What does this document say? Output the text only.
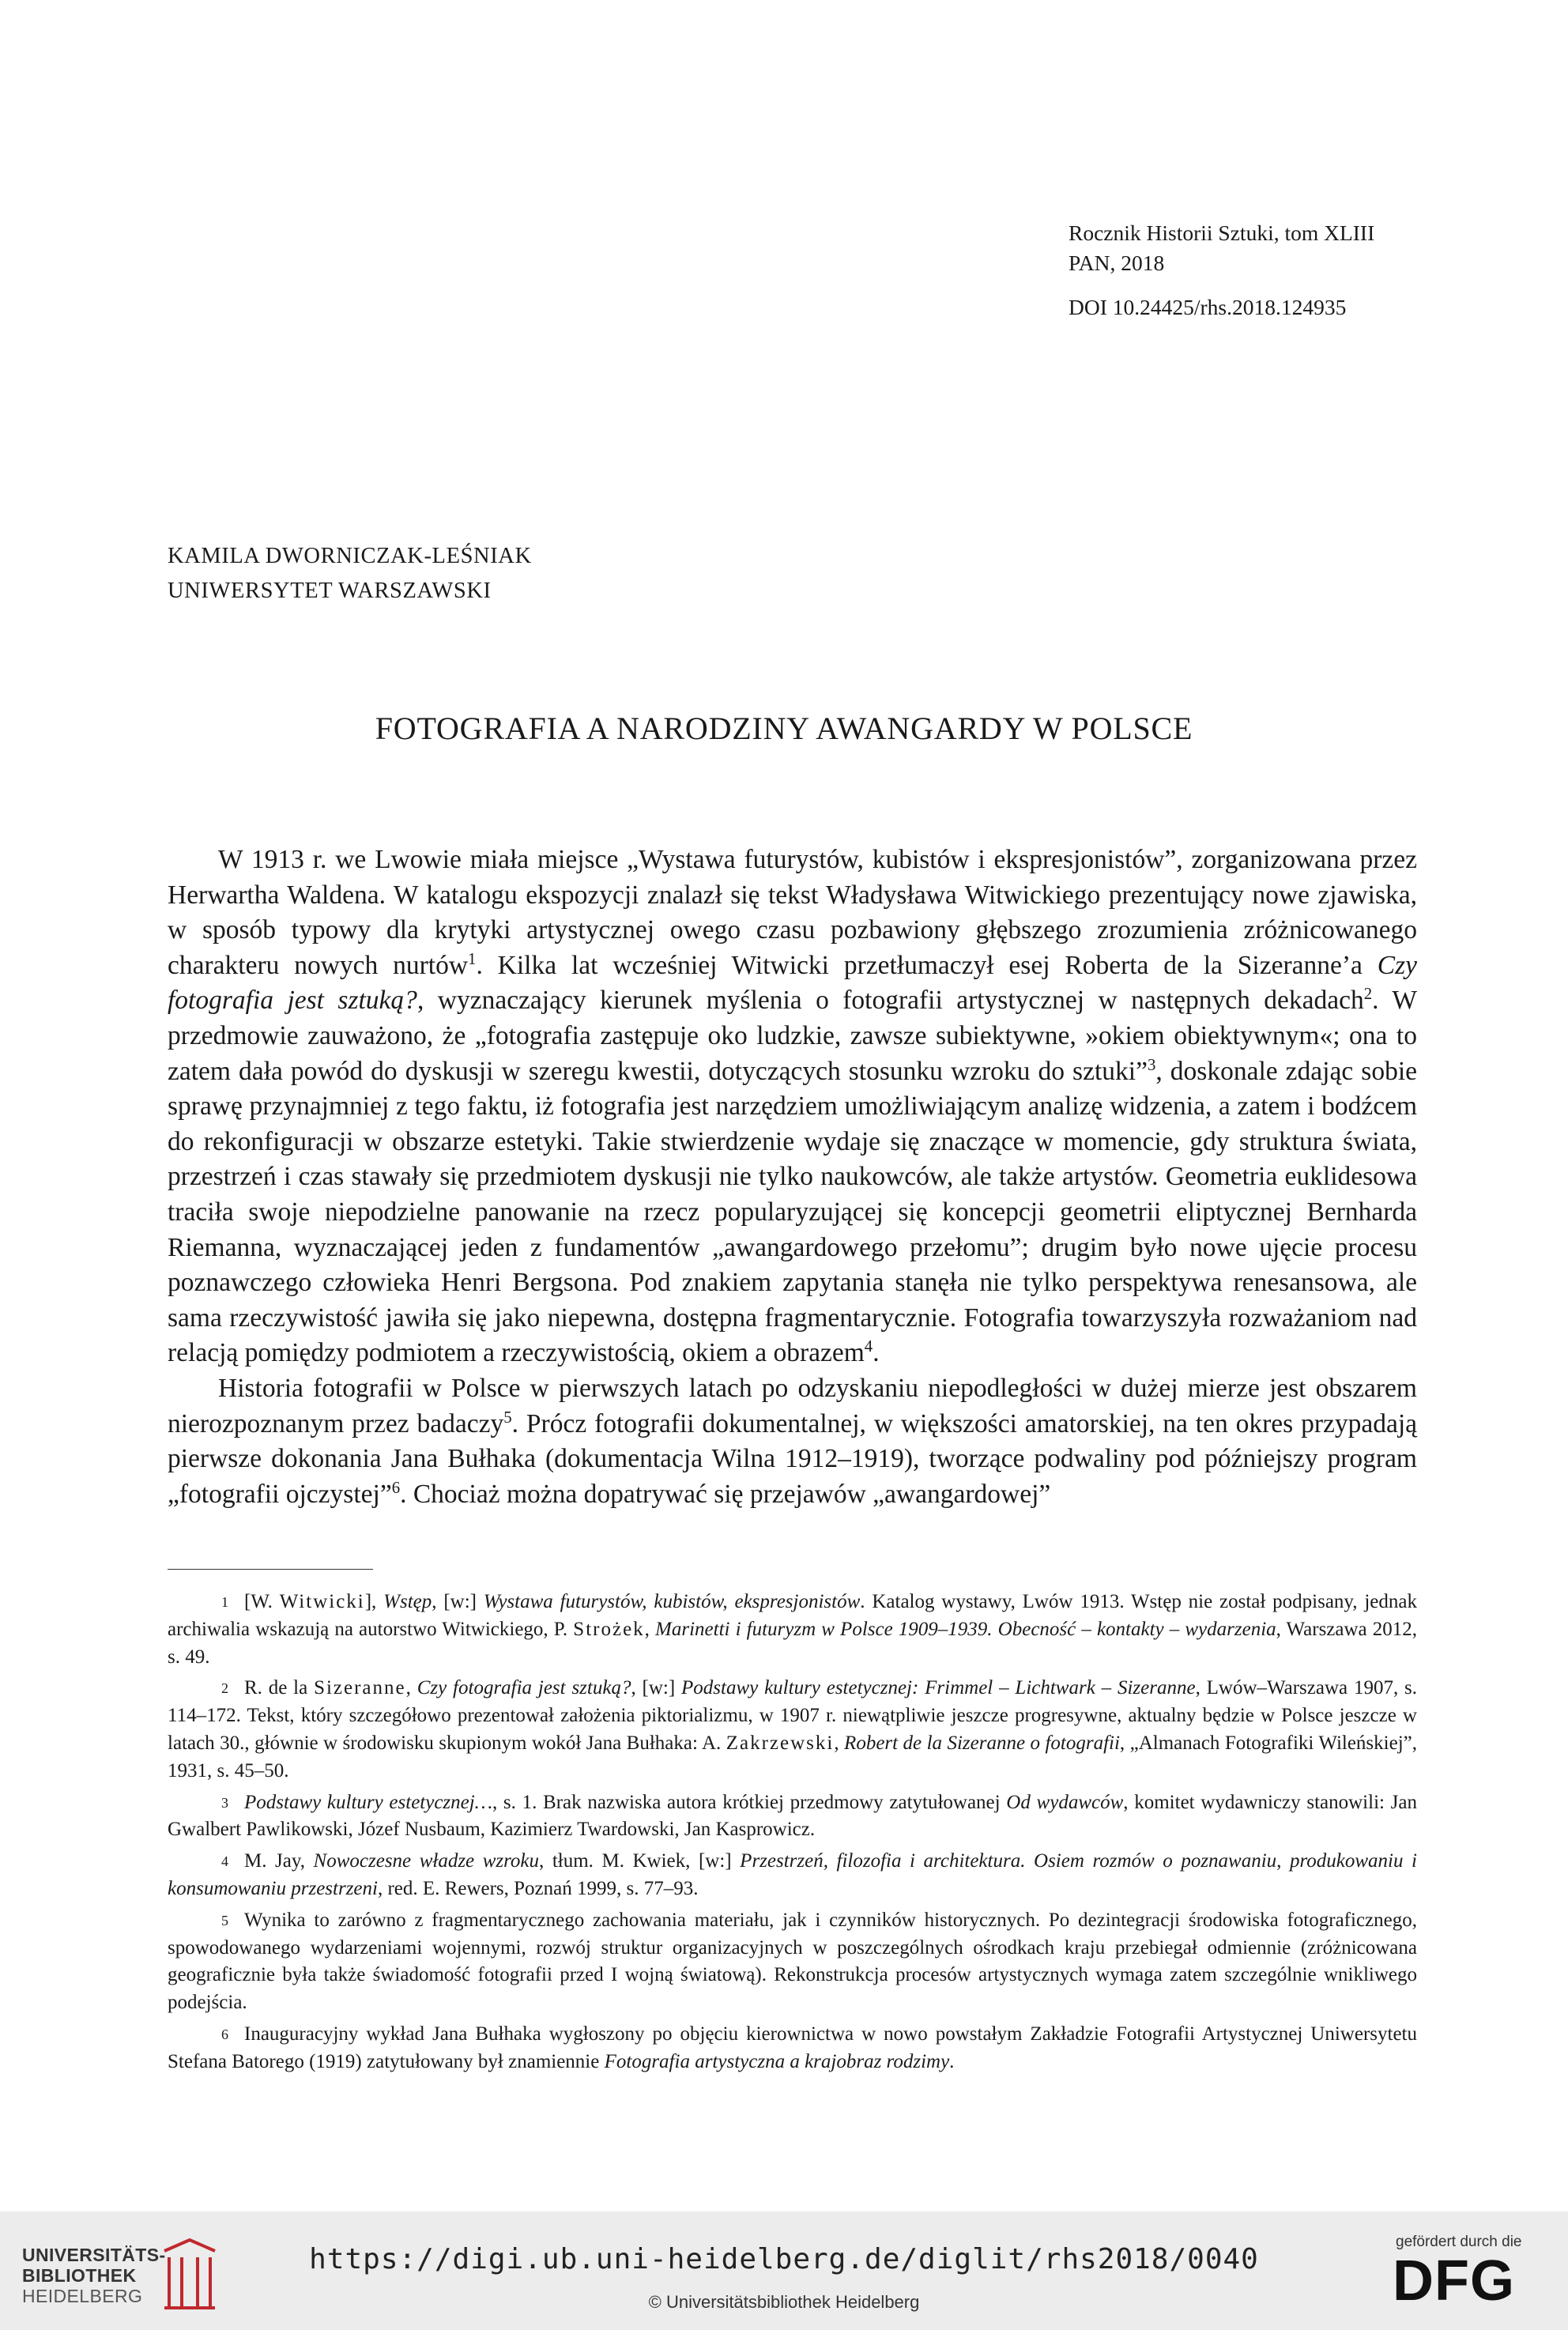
Rocznik Historii Sztuki, tom XLIII
PAN, 2018
DOI 10.24425/rhs.2018.124935
KAMILA DWORNICZAK-LEŚNIAK
UNIWERSYTET WARSZAWSKI
FOTOGRAFIA A NARODZINY AWANGARDY W POLSCE

W 1913 r. we Lwowie miała miejsce „Wystawa futurystów, kubistów i ekspresjonistów”, zorganizowana przez Herwartha Waldena. W katalogu ekspozycji znalazł się tekst Władysława Witwickiego prezentujący nowe zjawiska, w sposób typowy dla krytyki artystycznej owego czasu pozbawiony głębszego zrozumienia zróżnicowanego charakteru nowych nurtów$^1$. Kilka lat wcześniej Witwicki przetłumaczył esej Roberta de la Sizeranne’a Czy fotografia jest sztuką?, wyznaczający kierunek myślenia o fotografii artystycznej w następnych dekadach$^2$. W przedmowie zauważono, że „fotografia zastępuje oko ludzkie, zawsze subiektywne, »okiem obiektywnym«; ona to zatem dała powód do dyskusji w szeregu kwestii, dotyczących stosunku wzroku do sztuki”$^3$, doskonale zdając sobie sprawę przynajmniej z tego faktu, iż fotografia jest narzędziem umożliwiającym analizę widzenia, a zatem i bodźcem do rekonfiguracji w obszarze estetyki. Takie stwierdzenie wydaje się znaczące w momencie, gdy struktura świata, przestrzeń i czas stawały się przedmiotem dyskusji nie tylko naukowców, ale także artystów. Geometria euklidesowa traciła swoje niepodzielne panowanie na rzecz popularyzującej się koncepcji geometrii eliptycznej Bernharda Riemanna, wyznaczającej jeden z fundamentów „awangardowego przełomu”; drugim było nowe ujęcie procesu poznawczego człowieka Henri Bergsona. Pod znakiem zapytania stanęła nie tylko perspektywa renesansowa, ale sama rzeczywistość jawiła się jako niepewna, dostępna fragmentarycznie. Fotografia towarzyszyła rozważaniom nad relacją pomiędzy podmiotem a rzeczywistością, okiem a obrazem$^4$.

Historia fotografii w Polsce w pierwszych latach po odzyskaniu niepodległości w dużej mierze jest obszarem nierozpoznanym przez badaczy$^5$. Prócz fotografii dokumentalnej, w większości amatorskiej, na ten okres przypadają pierwsze dokonania Jana Bułhaka (dokumentacja Wilna 1912–1919), tworzące podwaliny pod późniejszy program „fotografii ojczystej”$^6$. Chociaż można dopatrywać się przejawów „awangardowej”

1 [W. Witwicki], Wstęp, [w:] Wystawa futurystów, kubistów, ekspresjonistów. Katalog wystawy, Lwów 1913. Wstęp nie został podpisany, jednak archiwalia wskazują na autorstwo Witwickiego, P. Strożek, Marinetti i futuryzm w Polsce 1909–1939. Obecność – kontakty – wydarzenia, Warszawa 2012, s. 49.
2 R. de la Sizeranne, Czy fotografia jest sztuką?, [w:] Podstawy kultury estetycznej: Frimmel – Lichtwark – Sizeranne, Lwów–Warszawa 1907, s. 114–172. Tekst, który szczegółowo prezentował założenia piktorializmu, w 1907 r. niewątpliwie jeszcze progresywne, aktualny będzie w Polsce jeszcze w latach 30., głównie w środowisku skupionym wokół Jana Bułhaka: A. Zakrzewski, Robert de la Sizeranne o fotografii, „Almanach Fotografiki Wileńskiej”, 1931, s. 45–50.
3 Podstawy kultury estetycznej…, s. 1. Brak nazwiska autora krótkiej przedmowy zatytułowanej Od wydawców, komitet wydawniczy stanowili: Jan Gwalbert Pawlikowski, Józef Nusbaum, Kazimierz Twardowski, Jan Kasprowicz.
4 M. Jay, Nowoczesne władze wzroku, tłum. M. Kwiek, [w:] Przestrzeń, filozofia i architektura. Osiem rozmów o poznawaniu, produkowaniu i konsumowaniu przestrzeni, red. E. Rewers, Poznań 1999, s. 77–93.
5 Wynika to zarówno z fragmentarycznego zachowania materiału, jak i czynników historycznych. Po dezintegracji środowiska fotograficznego, spowodowanego wydarzeniami wojennymi, rozwój struktur organizacyjnych w poszczególnych ośrodkach kraju przebiegał odmiennie (zróżnicowana geograficznie była także świadomość fotografii przed I wojną światową). Rekonstrukcja procesów artystycznych wymaga zatem szczególnie wnikliwego podejścia.
6 Inauguracyjny wykład Jana Bułhaka wygłoszony po objęciu kierownictwa w nowo powstałym Zakładzie Fotografii Artystycznej Uniwersytetu Stefana Batorego (1919) zatytułowany był znamiennie Fotografia artystyczna a krajobraz rodzimy.
UNIVERSITÄTS-
BIBLIOTHEK
HEIDELBERG
https://digi.ub.uni-heidelberg.de/diglit/rhs2018/0040
© Universitätsbibliothek Heidelberg
gefördert durch die
DFG
